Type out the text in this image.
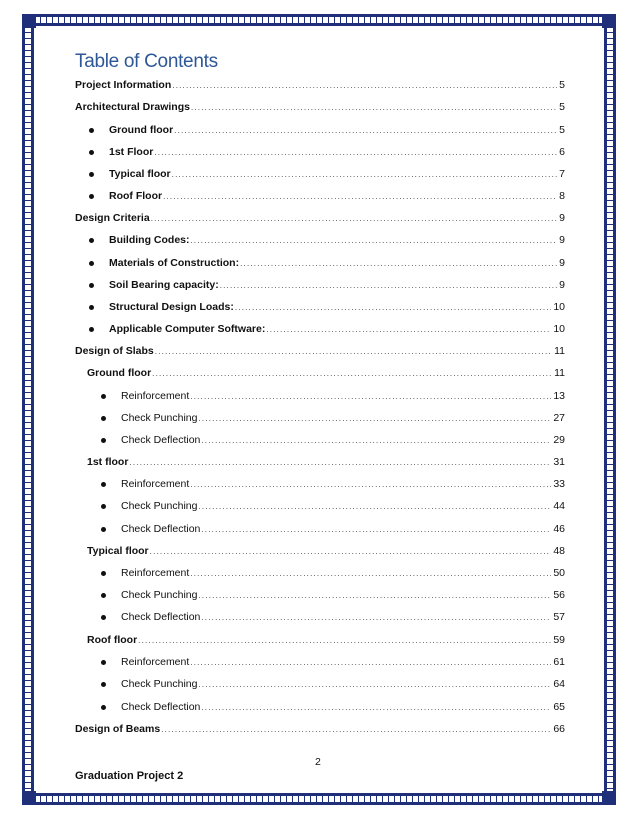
Table of Contents
Project Information .....	5
Architectural Drawings .....	5
Ground floor .....	5
1st Floor .....	6
Typical floor .....	7
Roof Floor .....	8
Design Criteria .....	9
Building Codes: .....	9
Materials of Construction: .....	9
Soil Bearing capacity: .....	9
Structural Design Loads: .....	10
Applicable Computer Software: .....	10
Design of Slabs .....	11
Ground floor .....	11
Reinforcement .....	13
Check Punching .....	27
Check Deflection .....	29
1st floor .....	31
Reinforcement .....	33
Check Punching .....	44
Check Deflection .....	46
Typical floor .....	48
Reinforcement .....	50
Check Punching .....	56
Check Deflection .....	57
Roof floor .....	59
Reinforcement .....	61
Check Punching .....	64
Check Deflection .....	65
Design of Beams .....	66
2
Graduation Project 2
